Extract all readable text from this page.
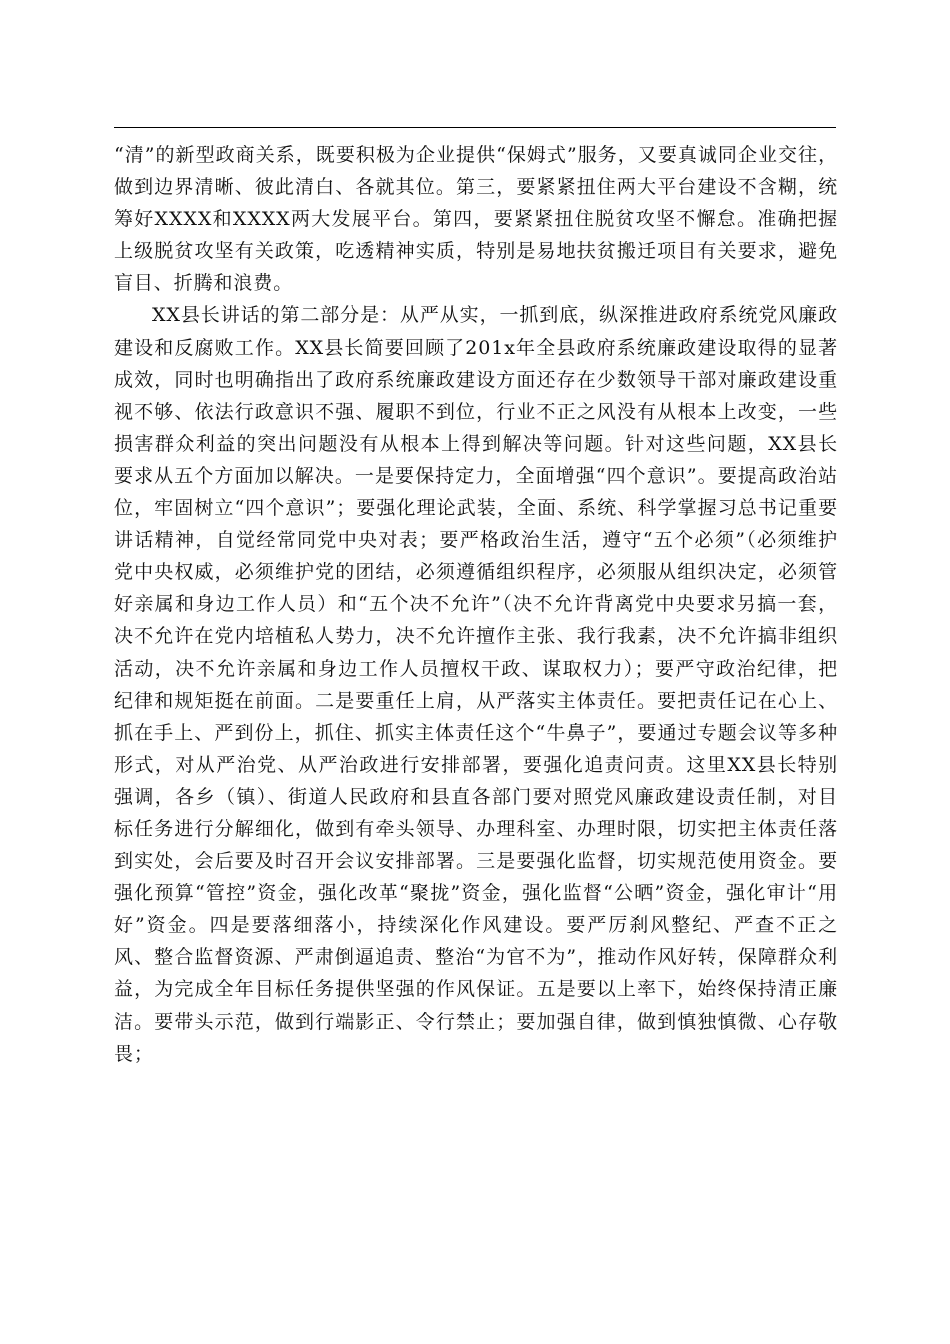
“清”的新型政商关系，既要积极为企业提供“保姆式”服务，又要真诚同企业交往，做到边界清晰、彼此清白、各就其位。第三，要紧紧扭住两大平台建设不含糊，统筹好XXXX和XXXX两大发展平台。第四，要紧紧扭住脱贫攻坚不懈怠。准确把握上级脱贫攻坚有关政策，吃透精神实质，特别是易地扶贫搬迁项目有关要求，避免盲目、折腾和浪费。

XX县长讲话的第二部分是：从严从实，一抓到底，纵深推进政府系统党风廉政建设和反腐败工作。XX县长简要回顾了201x年全县政府系统廉政建设取得的显著成效，同时也明确指出了政府系统廉政建设方面还存在少数领导干部对廉政建设重视不够、依法行政意识不强、履职不到位，行业不正之风没有从根本上改变，一些损害群众利益的突出问题没有从根本上得到解决等问题。针对这些问题，XX县长要求从五个方面加以解决。一是要保持定力，全面增强“四个意识”。要提高政治站位，牢固树立“四个意识”；要强化理论武装，全面、系统、科学掌握习总书记重要讲话精神，自觉经常同党中央对表；要严格政治生活，遵守“五个必须”（必须维护党中央权威，必须维护党的团结，必须遵循组织程序，必须服从组织决定，必须管好亲属和身边工作人员）和“五个决不允许”（决不允许背离党中央要求另搞一套，决不允许在党内培植私人势力，决不允许擅作主张、我行我素，决不允许搞非组织活动，决不允许亲属和身边工作人员擅权干政、谋取权力）；要严守政治纪律，把纪律和规矩挺在前面。二是要重任上肩，从严落实主体责任。要把责任记在心上、抓在手上、严到份上，抓住、抓实主体责任这个“牛鼻子”，要通过专题会议等多种形式，对从严治党、从严治政进行安排部署，要强化追责问责。这里XX县长特别强调，各乡（镇）、街道人民政府和县直各部门要对照党风廉政建设责任制，对目标任务进行分解细化，做到有牵头领导、办理科室、办理时限，切实把主体责任落到实处，会后要及时召开会议安排部署。三是要强化监督，切实规范使用资金。要强化预算“管控”资金，强化改革“聚拢”资金，强化监督“公晒”资金，强化审计“用好”资金。四是要落细落小，持续深化作风建设。要严厉刹风整纪、严查不正之风、整合监督资源、严肃倒逼追责、整治“为官不为”，推动作风好转，保障群众利益，为完成全年目标任务提供坚强的作风保证。五是要以上率下，始终保持清正廉洁。要带头示范，做到行端影正、令行禁止；要加强自律，做到慎独慎微、心存敬畏；
